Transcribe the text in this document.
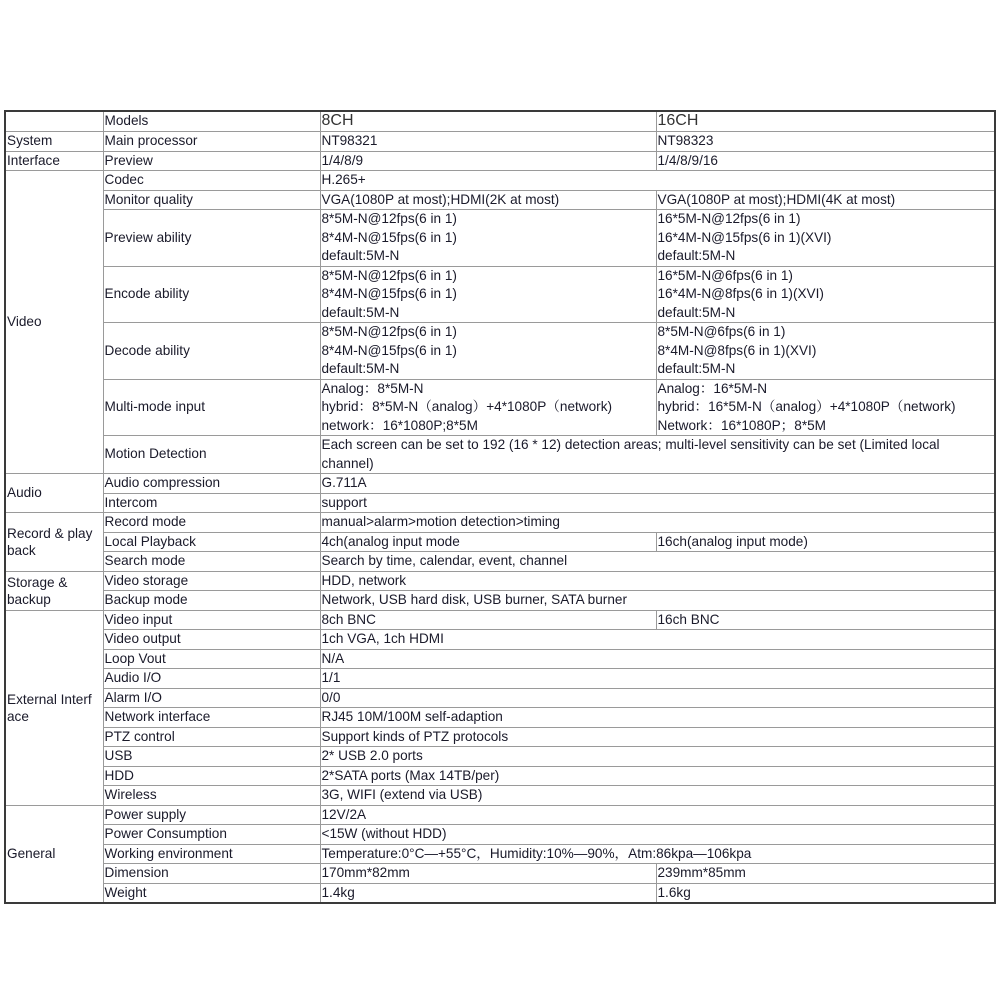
	Models	8CH	16CH
System	Main processor	NT98321	NT98323
Interface	Preview	1/4/8/9	1/4/8/9/16
Video	Codec	H.265+	
	Monitor quality	VGA(1080P at most);HDMI(2K at most)	VGA(1080P at most);HDMI(4K at most)
	Preview ability	8*5M-N@12fps(6 in 1)
8*4M-N@15fps(6 in 1)
default:5M-N	16*5M-N@12fps(6 in 1)
16*4M-N@15fps(6 in 1)(XVI)
default:5M-N

	Encode ability	8*5M-N@12fps(6 in 1)
8*4M-N@15fps(6 in 1)
default:5M-N	16*5M-N@6fps(6 in 1)
16*4M-N@8fps(6 in 1)(XVI)
default:5M-N

	Decode ability	8*5M-N@12fps(6 in 1)
8*4M-N@15fps(6 in 1)
default:5M-N	8*5M-N@6fps(6 in 1)
8*4M-N@8fps(6 in 1)(XVI)
default:5M-N

	Multi-mode input	Analog：8*5M-N
hybrid：8*5M-N（analog）+4*1080P（network)
network：16*1080P;8*5M	Analog：16*5M-N
hybrid：16*5M-N（analog）+4*1080P（network)
Network：16*1080P；8*5M

	Motion Detection	Each screen can be set to 192 (16 * 12) detection areas; multi-level sensitivity can be set (Limited local channel)	
Audio	Audio compression	G.711A	
	Intercom	support	
Record & play back	Record mode	manual>alarm>motion detection>timing	
	Local Playback	4ch(analog input mode	16ch(analog input mode)
	Search mode	Search by time, calendar, event, channel	
Storage & backup	Video storage	HDD, network	
	Backup mode	Network, USB hard disk, USB burner, SATA burner	
External Interf ace	Video input	8ch BNC	16ch BNC
	Video output	1ch VGA, 1ch HDMI	
	Loop Vout	N/A	
	Audio I/O	1/1	
	Alarm I/O	0/0	
	Network interface	RJ45 10M/100M self-adaption	
	PTZ control	Support kinds of PTZ protocols	
	USB	2* USB 2.0 ports	
	HDD	2*SATA ports (Max 14TB/per)	
	Wireless	3G, WIFI (extend via USB)	
General	Power supply	12V/2A	
	Power Consumption	<15W (without HDD)	
	Working environment	Temperature:0°C—+55°C，Humidity:10%—90%，Atm:86kpa—106kpa	
	Dimension	170mm*82mm	239mm*85mm
	Weight	1.4kg	1.6kg
